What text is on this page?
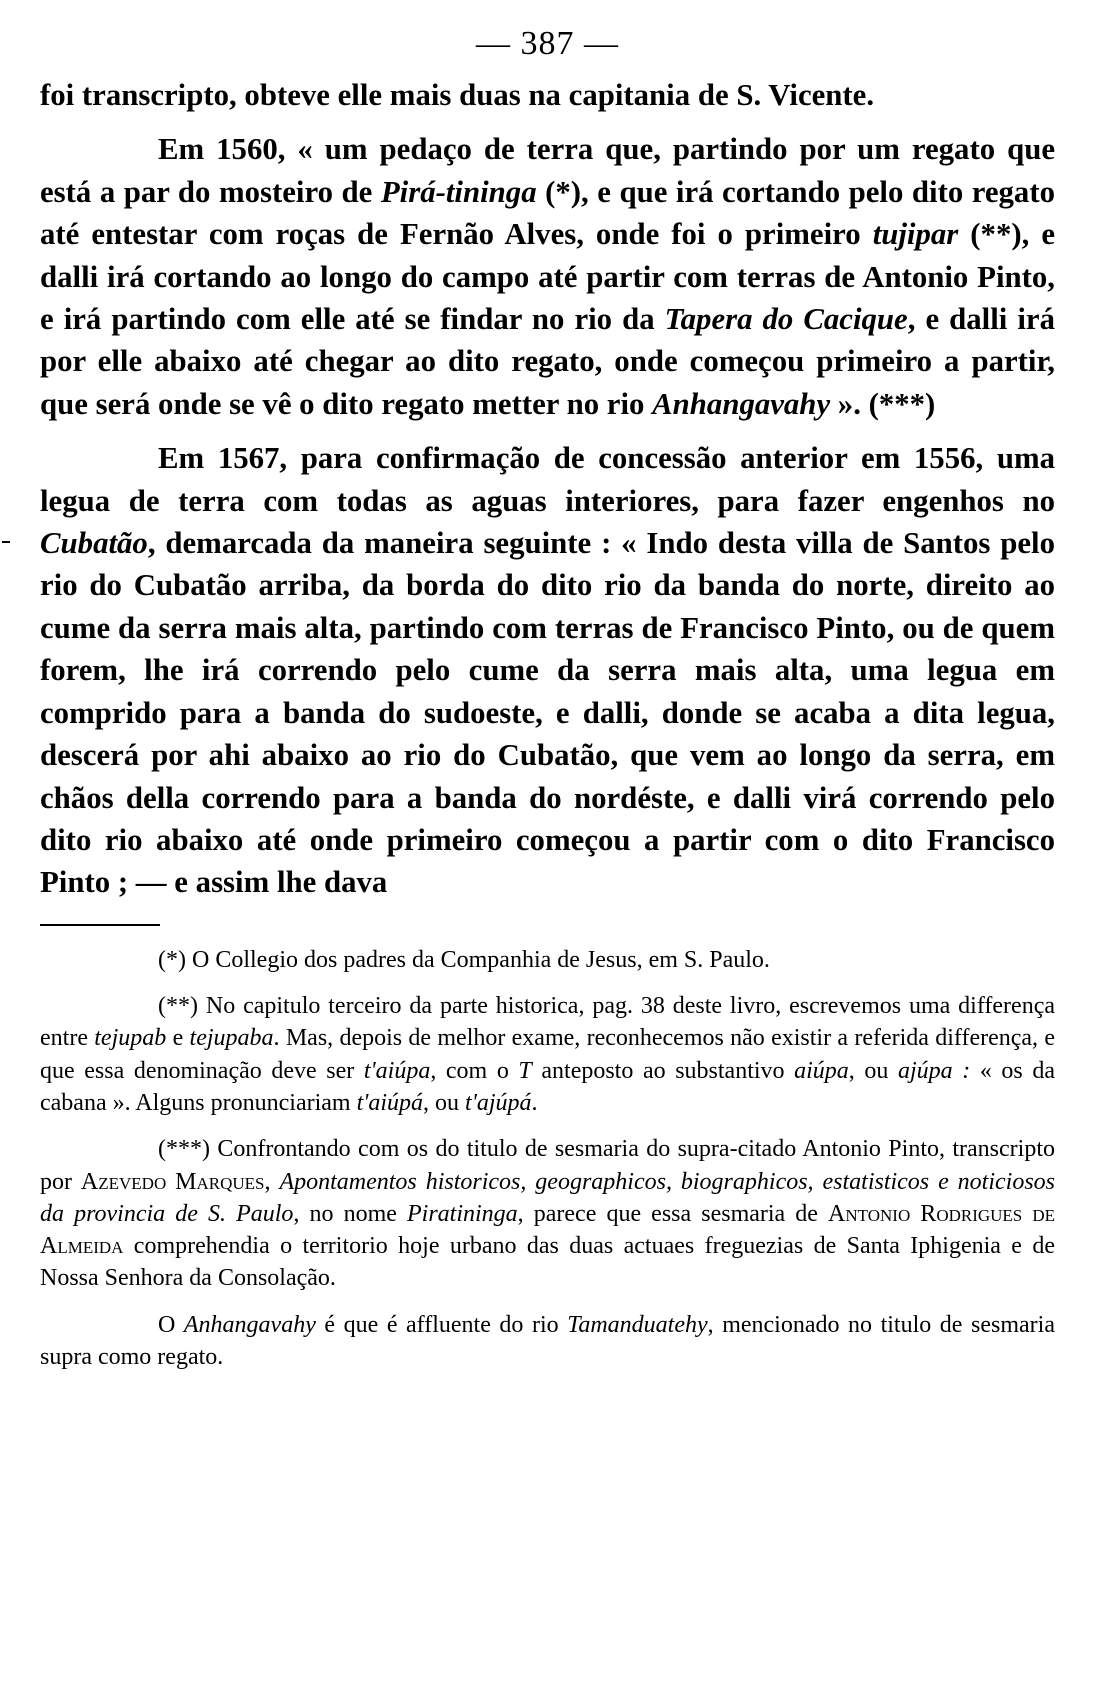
— 387 —

foi transcripto, obteve elle mais duas na capitania de S. Vicente.

Em 1560, « um pedaço de terra que, partindo por um regato que está a par do mosteiro de Pirá-tininga (*), e que irá cortando pelo dito regato até entestar com roças de Fernão Alves, onde foi o primeiro tujipar (**), e dalli irá cortando ao longo do campo até partir com terras de Antonio Pinto, e irá partindo com elle até se findar no rio da Tapera do Cacique, e dalli irá por elle abaixo até chegar ao dito regato, onde começou primeiro a partir, que será onde se vê o dito regato metter no rio Anhangavahy ». (***)

Em 1567, para confirmação de concessão anterior em 1556, uma legua de terra com todas as aguas interiores, para fazer engenhos no Cubatão, demarcada da maneira seguinte : « Indo desta villa de Santos pelo rio do Cubatão arriba, da borda do dito rio da banda do norte, direito ao cume da serra mais alta, partindo com terras de Francisco Pinto, ou de quem forem, lhe irá correndo pelo cume da serra mais alta, uma legua em comprido para a banda do sudoeste, e dalli, donde se acaba a dita legua, descerá por ahi abaixo ao rio do Cubatão, que vem ao longo da serra, em chãos della correndo para a banda do nordéste, e dalli virá correndo pelo dito rio abaixo até onde primeiro começou a partir com o dito Francisco Pinto ; — e assim lhe dava

(*) O Collegio dos padres da Companhia de Jesus, em S. Paulo.

(**) No capitulo terceiro da parte historica, pag. 38 deste livro, escrevemos uma differença entre tejupab e tejupaba. Mas, depois de melhor exame, reconhecemos não existir a referida differença, e que essa denominação deve ser t'aiúpa, com o T anteposto ao substantivo aiúpa, ou ajúpa : « os da cabana ». Alguns pronunciariam t'aiúpá, ou t'ajúpá.

(***) Confrontando com os do titulo de sesmaria do supra-citado Antonio Pinto, transcripto por Azevedo Marques, Apontamentos historicos, geographicos, biographicos, estatisticos e noticiosos da provincia de S. Paulo, no nome Piratininga, parece que essa sesmaria de Antonio Rodrigues de Almeida comprehendia o territorio hoje urbano das duas actuaes freguezias de Santa Iphigenia e de Nossa Senhora da Consolação.

O Anhangavahy é que é affluente do rio Tamanduatehy, mencionado no titulo de sesmaria supra como regato.
